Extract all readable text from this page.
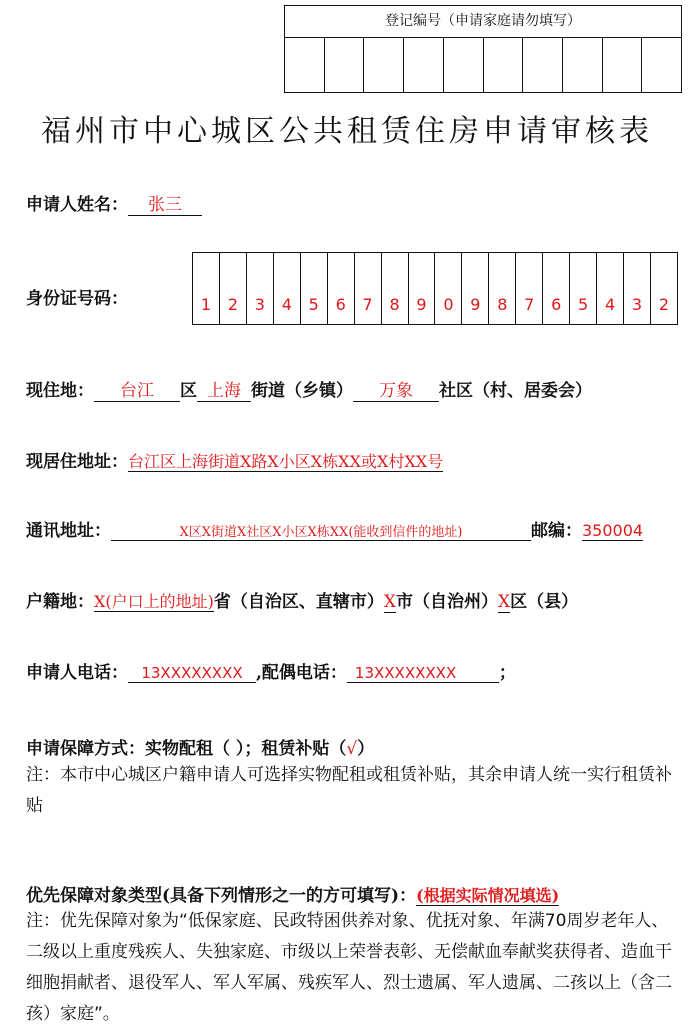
登记编号（申请家庭请勿填写）
福州市中心城区公共租赁住房申请审核表
申请人姓名： 张三
身份证号码：	1	2	3	4	5	6	7	8	9	0	9	8	7	6	5	4	3	2
现住地： 台江 区 上海 街道（乡镇） 万象 社区（村、居委会）
现居住地址：台江区上海街道X路X小区X栋XX或X村XX号
通讯地址：	X区X街道X社区X小区X栋XX(能收到信件的地址)	邮编：350004
户籍地：X(户口上的地址)省（自治区、直辖市）X市（自治州）X区（县）
申请人电话： 13XXXXXXXX ,配偶电话： 13XXXXXXXX	；
申请保障方式：实物配租（ ）；租赁补贴（√）
注：本市中心城区户籍申请人可选择实物配租或租赁补贴，其余申请人统一实行租赁补贴
优先保障对象类型(具备下列情形之一的方可填写)：(根据实际情况填选)
注：优先保障对象为“低保家庭、民政特困供养对象、优抚对象、年满70周岁老年人、二级以上重度残疾人、失独家庭、市级以上荣誉表彰、无偿献血奉献奖获得者、造血干细胞捐献者、退役军人、军人军属、残疾军人、烈士遗属、军人遗属、二孩以上（含二孩）家庭”。
